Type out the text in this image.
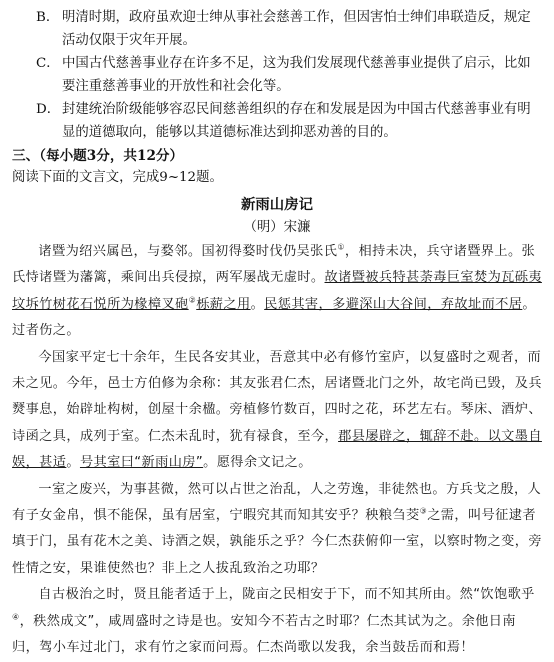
B． 明清时期，政府虽欢迎士绅从事社会慈善工作，但因害怕士绅们串联造反，规定活动仅限于灾年开展。
C． 中国古代慈善事业存在许多不足，这为我们发展现代慈善事业提供了启示，比如要注重慈善事业的开放性和社会化等。
D． 封建统治阶级能够容忍民间慈善组织的存在和发展是因为中国古代慈善事业有明显的道德取向，能够以其道德标准达到抑恶劝善的目的。
三、（每小题3分，共12分）
阅读下面的文言文，完成9~12题。
新雨山房记
（明）宋濂

诸暨为绍兴属邑，与婺邻。国初得婺时伐仍吴张氏①，相持未决，兵守诸暨界上。张氏恃诸暨为藩篱，乘间出兵侵掠，两军屡战无虚时。故诸暨被兵特甚荼毒巨室焚为瓦砾夷坟坼竹树花石悦所为椽樟叉砲②栎薪之用。民惩其害，多避深山大谷间，弃故址而不居。过者伤之。

今国家平定七十余年，生民各安其业，吾意其中必有修竹室庐，以复盛时之观者，而未之见。今年，邑士方伯修为余称：其友张君仁杰，居诸暨北门之外，故宅尚已毁，及兵燹事息，始辟址构树，创屋十余楹。旁植修竹数百，四时之花，环艺左右。琴床、酒炉、诗函之具，成列于室。仁杰未乱时，犹有禄食，至今，郡县屡辟之，辄辞不赴。以文墨自娱，甚适。号其室曰“新雨山房”。愿得余文记之。

一室之废兴，为事甚微，然可以占世之治乱，人之劳逸，非徒然也。方兵戈之殷，人有子女金帛，惧不能保，虽有居室，宁暇究其而知其安乎？秧粮刍茭③之需，叫号征逮者填于门，虽有花木之美、诗酒之娱，孰能乐之乎？今仁杰获俯仰一室，以察时物之变，旁性情之安，果谁使然也？非上之人拔乱致治之功耶？

自古极治之时，贤且能者适于上，陇亩之民相安于下，而不知其所由。然“饮饱歌乎④，秩然成文”，咸周盛时之诗是也。安知今不若古之时耶？仁杰其试为之。余他日南归，驾小车过北门，求有竹之家而问焉。仁杰尚歌以发我，余当鼓岳而和焉！
